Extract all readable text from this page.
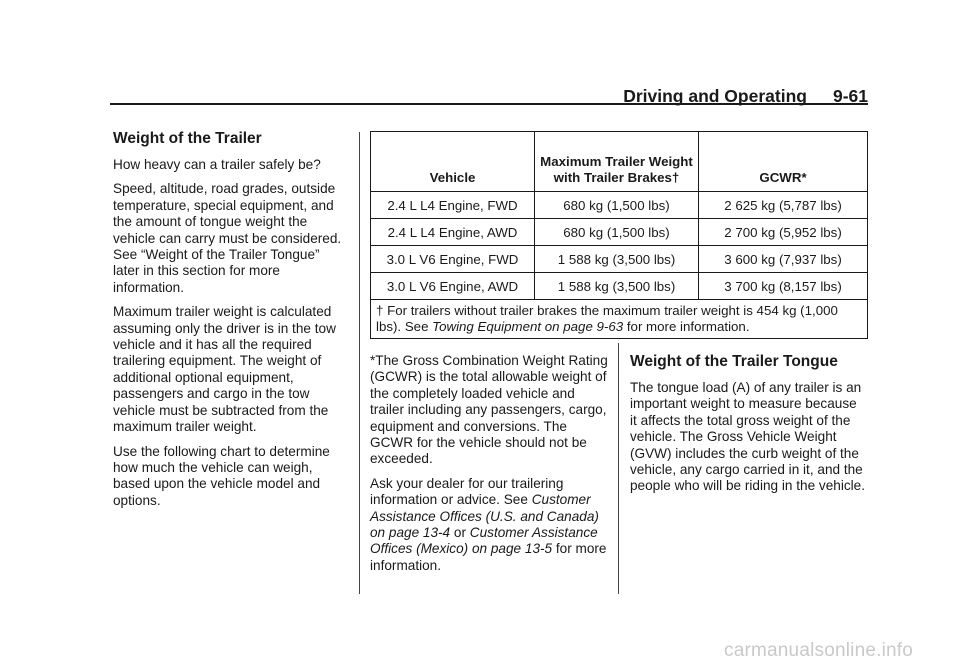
Driving and Operating 9-61
Weight of the Trailer

How heavy can a trailer safely be?

Speed, altitude, road grades, outside temperature, special equipment, and the amount of tongue weight the vehicle can carry must be considered. See “Weight of the Trailer Tongue” later in this section for more information.

Maximum trailer weight is calculated assuming only the driver is in the tow vehicle and it has all the required trailering equipment. The weight of additional optional equipment, passengers and cargo in the tow vehicle must be subtracted from the maximum trailer weight.

Use the following chart to determine how much the vehicle can weigh, based upon the vehicle model and options.

Vehicle	Maximum Trailer Weight with Trailer Brakes†	GCWR*
2.4 L L4 Engine, FWD	680 kg (1,500 lbs)	2 625 kg (5,787 lbs)
2.4 L L4 Engine, AWD	680 kg (1,500 lbs)	2 700 kg (5,952 lbs)
3.0 L V6 Engine, FWD	1 588 kg (3,500 lbs)	3 600 kg (7,937 lbs)
3.0 L V6 Engine, AWD	1 588 kg (3,500 lbs)	3 700 kg (8,157 lbs)
† For trailers without trailer brakes the maximum trailer weight is 454 kg (1,000 lbs). See Towing Equipment on page 9-63 for more information.		

*The Gross Combination Weight Rating (GCWR) is the total allowable weight of the completely loaded vehicle and trailer including any passengers, cargo, equipment and conversions. The GCWR for the vehicle should not be exceeded.

Ask your dealer for our trailering information or advice. See Customer Assistance Offices (U.S. and Canada) on page 13-4 or Customer Assistance Offices (Mexico) on page 13-5 for more information.

Weight of the Trailer Tongue

The tongue load (A) of any trailer is an important weight to measure because it affects the total gross weight of the vehicle. The Gross Vehicle Weight (GVW) includes the curb weight of the vehicle, any cargo carried in it, and the people who will be riding in the vehicle.

carmanualsonline.info
